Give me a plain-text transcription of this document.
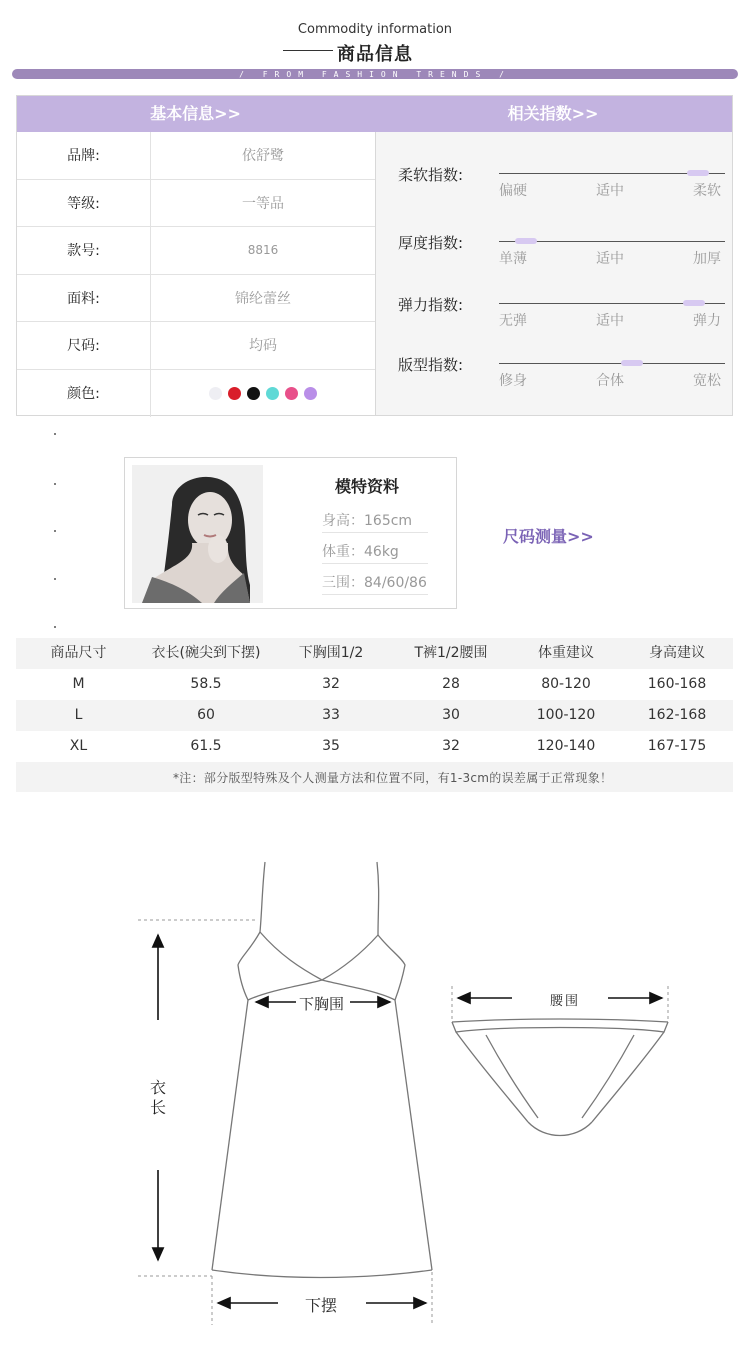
Commodity information
商品信息
/ FROM FASHION TRENDS /
基本信息>>	相关指数>>
品牌:	依舒鹭
等级:	一等品
款号:	8816
面料:	锦纶蕾丝
尺码:	均码
颜色:
柔软指数:
偏硬	适中	柔软
厚度指数:
单薄	适中	加厚
弹力指数:
无弹	适中	弹力
版型指数:
修身	合体	宽松
模特资料
身高：165cm
体重：46kg
三围：84/60/86
尺码测量>>
商品尺寸	衣长(碗尖到下摆)	下胸围1/2	T裤1/2腰围	体重建议	身高建议
M	58.5	32	28	80-120	160-168
L	60	33	30	100-120	162-168
XL	61.5	35	32	120-140	167-175
*注：部分版型特殊及个人测量方法和位置不同，有1-3cm的误差属于正常现象！
下胸围
衣长
下摆
腰围
